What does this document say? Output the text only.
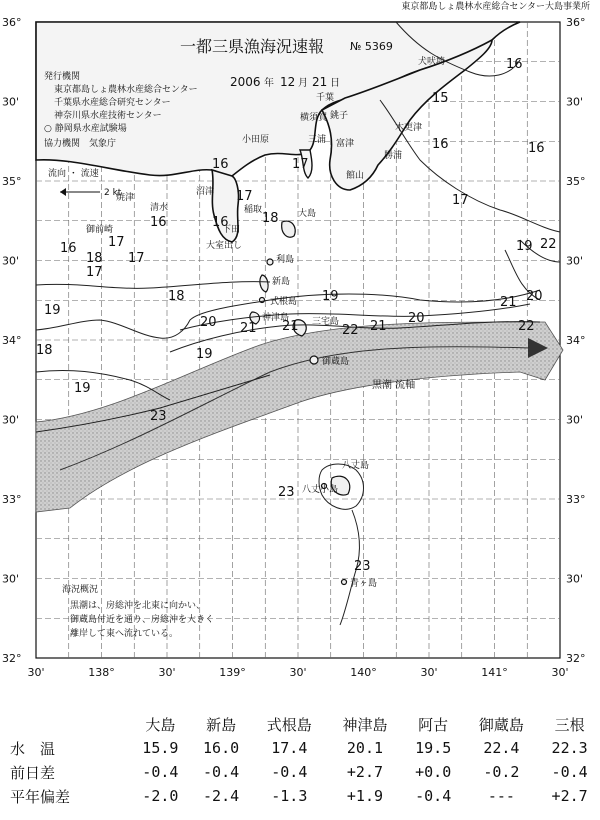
東京都島しょ農林水産総合センター大島事業所
黒潮 流軸
36°
30'
35°
30'
34°
30'
33°
30'
32°
36°
30'
35°
30'
34°
30'
33°
30'
32°
30'	138°	30'	139°	30'	140°	30'	141°	30'
一都三県漁海況速報 № 5369
2006 年 12 月 21 日
発行機関
東京都島しょ農林水産総合センター
千葉県水産総合研究センター
神奈川県水産技術センター
○ 静岡県水産試験場
協力機関　気象庁
流向 ・ 流速
2 kt
犬吠埼
銚子
千葉
木更津
勝浦
館山
横須賀
小田原	三浦 富津
沼津
稲取
下田
焼津
清水
御前崎
大島
利島
新島
式根島
神津島	三宅島
御蔵島
八丈島
八丈小島
青ヶ島
大室出し
16
15
16
16	17
16
17
16
17
17
17
18
16
16
17
18
18
19
19
20 21 21	22
19
20
21
19
18
20
21
22
22
19
23
23
23
海況概況
黒潮は、房総沖を北東に向かい、
御蔵島付近を通り、房総沖を大きく
離岸して東へ流れている。
	大島	新島	式根島	神津島	阿古	御蔵島	三根
水　温	15.9	16.0	17.4	20.1	19.5	22.4	22.3
前日差	-0.4	-0.4	-0.4	+2.7	+0.0	-0.2	-0.4
平年偏差	-2.0	-2.4	-1.3	+1.9	-0.4	---	+2.7
